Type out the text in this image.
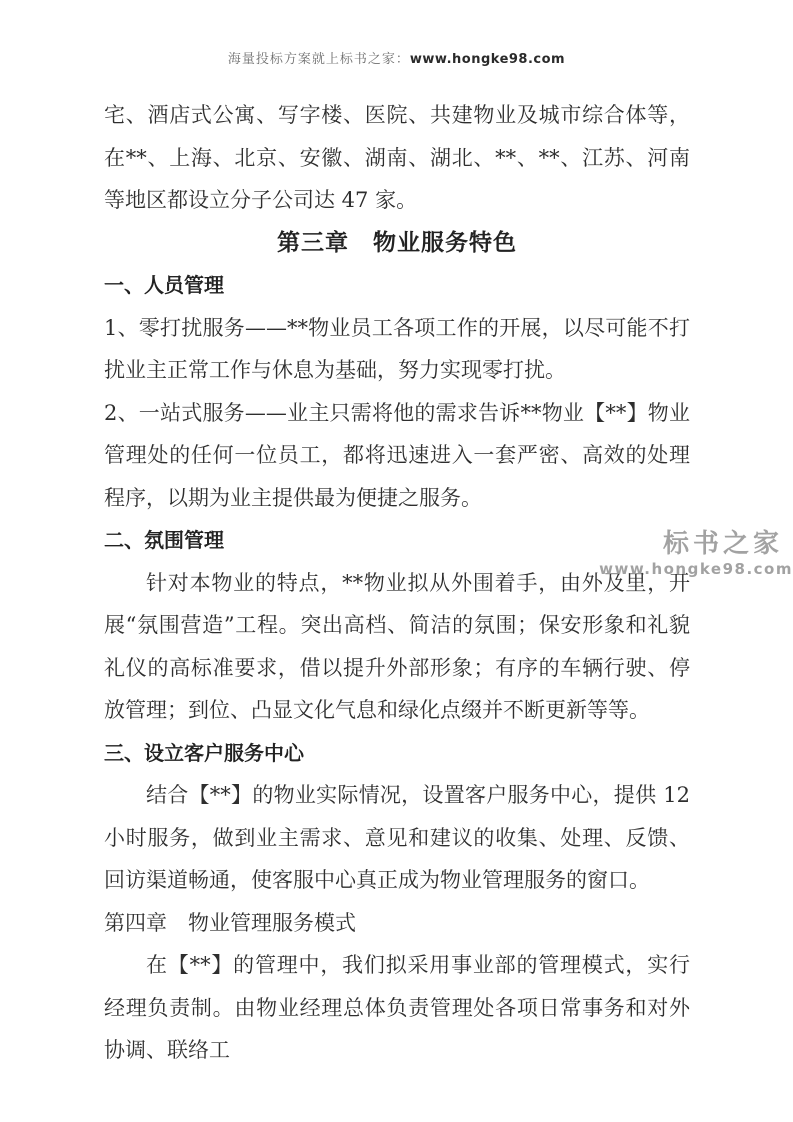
海量投标方案就上标书之家：www.hongke98.com

宅、酒店式公寓、写字楼、医院、共建物业及城市综合体等，在**、上海、北京、安徽、湖南、湖北、**、**、江苏、河南等地区都设立分子公司达 47 家。

第三章　物业服务特色
一、人员管理

1、零打扰服务——**物业员工各项工作的开展，以尽可能不打扰业主正常工作与休息为基础，努力实现零打扰。

2、一站式服务——业主只需将他的需求告诉**物业【**】物业管理处的任何一位员工，都将迅速进入一套严密、高效的处理程序，以期为业主提供最为便捷之服务。

二、氛围管理

针对本物业的特点，**物业拟从外围着手，由外及里，开展“氛围营造”工程。突出高档、简洁的氛围；保安形象和礼貌礼仪的高标准要求，借以提升外部形象；有序的车辆行驶、停放管理；到位、凸显文化气息和绿化点缀并不断更新等等。

三、设立客户服务中心

结合【**】的物业实际情况，设置客户服务中心，提供 12 小时服务，做到业主需求、意见和建议的收集、处理、反馈、回访渠道畅通，使客服中心真正成为物业管理服务的窗口。

第四章　物业管理服务模式

在【**】的管理中，我们拟采用事业部的管理模式，实行经理负责制。由物业经理总体负责管理处各项日常事务和对外协调、联络工

标书之家
www.hongke98.com
